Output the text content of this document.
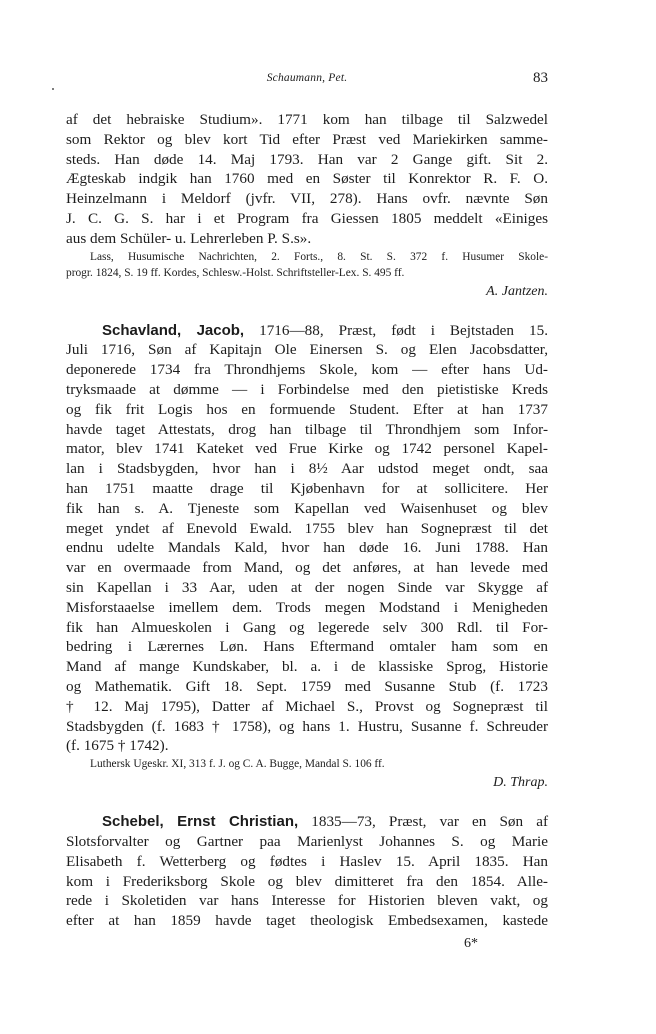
Schaumann, Pet.	83
af det hebraiske Studium». 1771 kom han tilbage til Salzwedel
som Rektor og blev kort Tid efter Præst ved Mariekirken samme-
steds. Han døde 14. Maj 1793. Han var 2 Gange gift. Sit 2.
Ægteskab indgik han 1760 med en Søster til Konrektor R. F. O.
Heinzelmann i Meldorf (jvfr. VII, 278). Hans ovfr. nævnte Søn
J. C. G. S. har i et Program fra Giessen 1805 meddelt «Einiges
aus dem Schüler- u. Lehrerleben P. S.s».
Lass, Husumische Nachrichten, 2. Forts., 8. St. S. 372 f. Husumer Skole-
progr. 1824, S. 19 ff. Kordes, Schlesw.-Holst. Schriftsteller-Lex. S. 495 ff.
A. Jantzen.
Schavland, Jacob, 1716—88, Præst, født i Bejtstaden 15.
Juli 1716, Søn af Kapitajn Ole Einersen S. og Elen Jacobsdatter,
deponerede 1734 fra Throndhjems Skole, kom — efter hans Ud-
tryksmaade at dømme — i Forbindelse med den pietistiske Kreds
og fik frit Logis hos en formuende Student. Efter at han 1737
havde taget Attestats, drog han tilbage til Throndhjem som Infor-
mator, blev 1741 Kateket ved Frue Kirke og 1742 personel Kapel-
lan i Stadsbygden, hvor han i 8½ Aar udstod meget ondt, saa
han 1751 maatte drage til Kjøbenhavn for at sollicitere. Her
fik han s. A. Tjeneste som Kapellan ved Waisenhuset og blev
meget yndet af Enevold Ewald. 1755 blev han Sognepræst til det
endnu udelte Mandals Kald, hvor han døde 16. Juni 1788. Han
var en overmaade from Mand, og det anføres, at han levede med
sin Kapellan i 33 Aar, uden at der nogen Sinde var Skygge af
Misforstaaelse imellem dem. Trods megen Modstand i Menigheden
fik han Almueskolen i Gang og legerede selv 300 Rdl. til For-
bedring i Lærernes Løn. Hans Eftermand omtaler ham som en
Mand af mange Kundskaber, bl. a. i de klassiske Sprog, Historie
og Mathematik. Gift 18. Sept. 1759 med Susanne Stub (f. 1723
† 12. Maj 1795), Datter af Michael S., Provst og Sognepræst til
Stadsbygden (f. 1683 † 1758), og hans 1. Hustru, Susanne f. Schreuder
(f. 1675 † 1742).
Luthersk Ugeskr. XI, 313 f. J. og C. A. Bugge, Mandal S. 106 ff.
D. Thrap.
Schebel, Ernst Christian, 1835—73, Præst, var en Søn af
Slotsforvalter og Gartner paa Marienlyst Johannes S. og Marie
Elisabeth f. Wetterberg og fødtes i Haslev 15. April 1835. Han
kom i Frederiksborg Skole og blev dimitteret fra den 1854. Alle-
rede i Skoletiden var hans Interesse for Historien bleven vakt, og
efter at han 1859 havde taget theologisk Embedsexamen, kastede
6*
